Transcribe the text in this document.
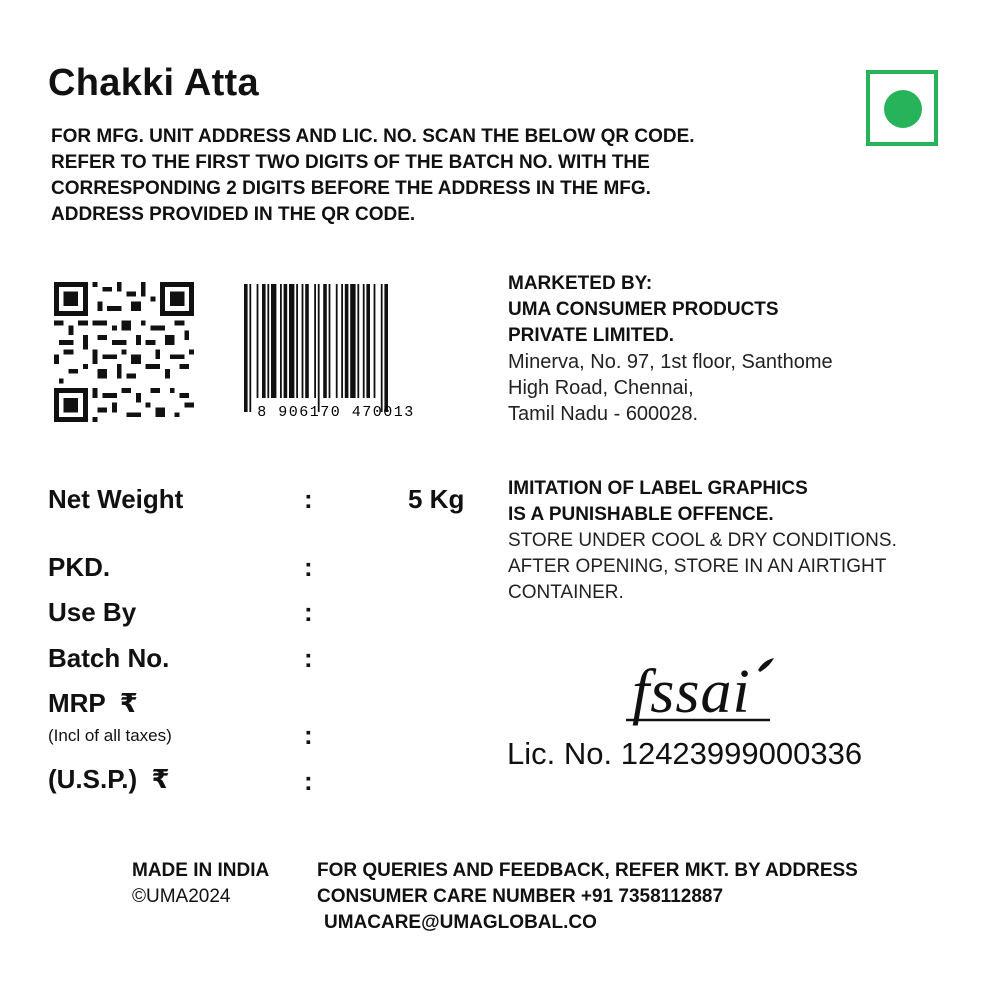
Chakki Atta
FOR MFG. UNIT ADDRESS AND LIC. NO. SCAN THE BELOW QR CODE.
REFER TO THE FIRST TWO DIGITS OF THE BATCH NO. WITH THE
CORRESPONDING 2 DIGITS BEFORE THE ADDRESS IN THE MFG.
ADDRESS PROVIDED IN THE QR CODE.
8 906170 470013
MARKETED BY:
UMA CONSUMER PRODUCTS
PRIVATE LIMITED.
Minerva, No. 97, 1st floor, Santhome
High Road, Chennai,
Tamil Nadu - 600028.
Net Weight	:	5 Kg
PKD.	:
Use By	:
Batch No.	:
MRP  ₹
(Incl of all taxes)	:
(U.S.P.)  ₹	:
IMITATION OF LABEL GRAPHICS
IS A PUNISHABLE OFFENCE.
STORE UNDER COOL & DRY CONDITIONS.
AFTER OPENING, STORE IN AN AIRTIGHT
CONTAINER.
fssai
Lic. No. 12423999000336
MADE IN INDIA
©UMA2024
FOR QUERIES AND FEEDBACK, REFER MKT. BY ADDRESS
CONSUMER CARE NUMBER +91 7358112887
UMACARE@UMAGLOBAL.CO
